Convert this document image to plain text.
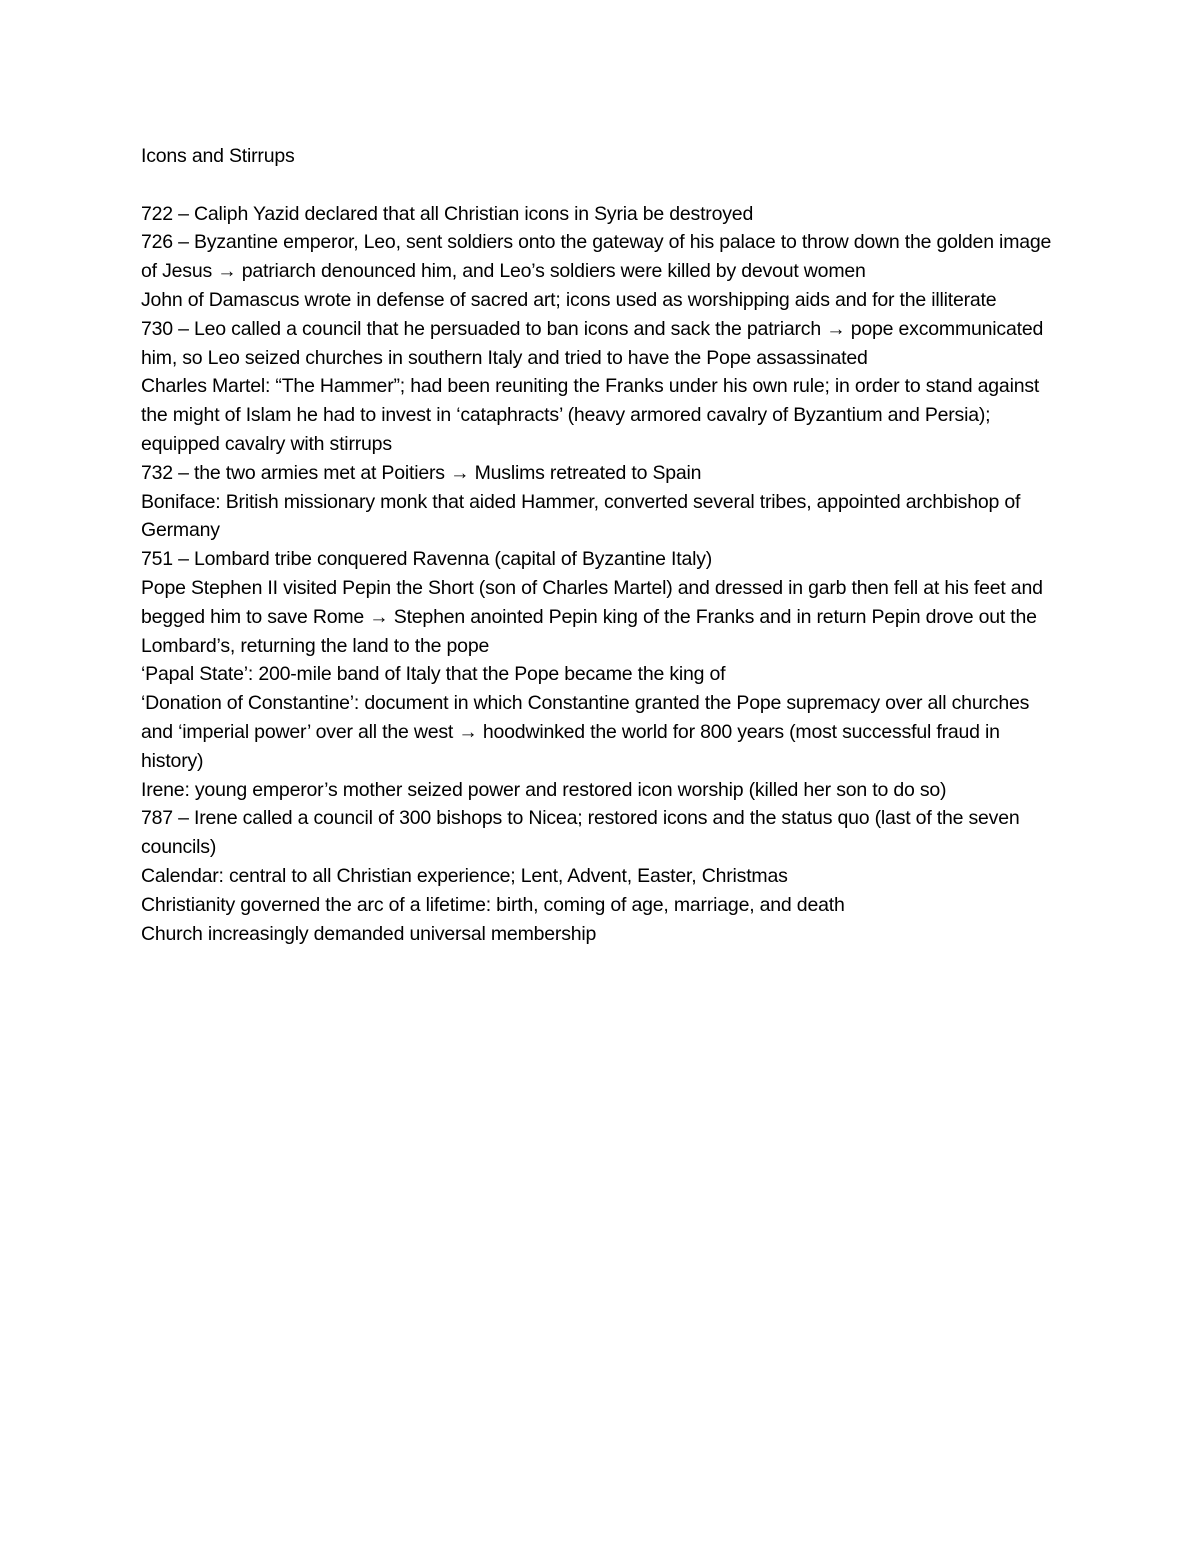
Icons and Stirrups

722 – Caliph Yazid declared that all Christian icons in Syria be destroyed

726 – Byzantine emperor, Leo, sent soldiers onto the gateway of his palace to throw down the golden image of Jesus → patriarch denounced him, and Leo’s soldiers were killed by devout women

John of Damascus wrote in defense of sacred art; icons used as worshipping aids and for the illiterate

730 – Leo called a council that he persuaded to ban icons and sack the patriarch → pope excommunicated him, so Leo seized churches in southern Italy and tried to have the Pope assassinated

Charles Martel: “The Hammer”; had been reuniting the Franks under his own rule; in order to stand against the might of Islam he had to invest in ‘cataphracts’ (heavy armored cavalry of Byzantium and Persia); equipped cavalry with stirrups

732 – the two armies met at Poitiers → Muslims retreated to Spain

Boniface: British missionary monk that aided Hammer, converted several tribes, appointed archbishop of Germany

751 – Lombard tribe conquered Ravenna (capital of Byzantine Italy)

Pope Stephen II visited Pepin the Short (son of Charles Martel) and dressed in garb then fell at his feet and begged him to save Rome → Stephen anointed Pepin king of the Franks and in return Pepin drove out the Lombard’s, returning the land to the pope

‘Papal State’: 200-mile band of Italy that the Pope became the king of

‘Donation of Constantine’: document in which Constantine granted the Pope supremacy over all churches and ‘imperial power’ over all the west → hoodwinked the world for 800 years (most successful fraud in history)

Irene: young emperor’s mother seized power and restored icon worship (killed her son to do so)

787 – Irene called a council of 300 bishops to Nicea; restored icons and the status quo (last of the seven councils)

Calendar: central to all Christian experience; Lent, Advent, Easter, Christmas

Christianity governed the arc of a lifetime: birth, coming of age, marriage, and death

Church increasingly demanded universal membership
